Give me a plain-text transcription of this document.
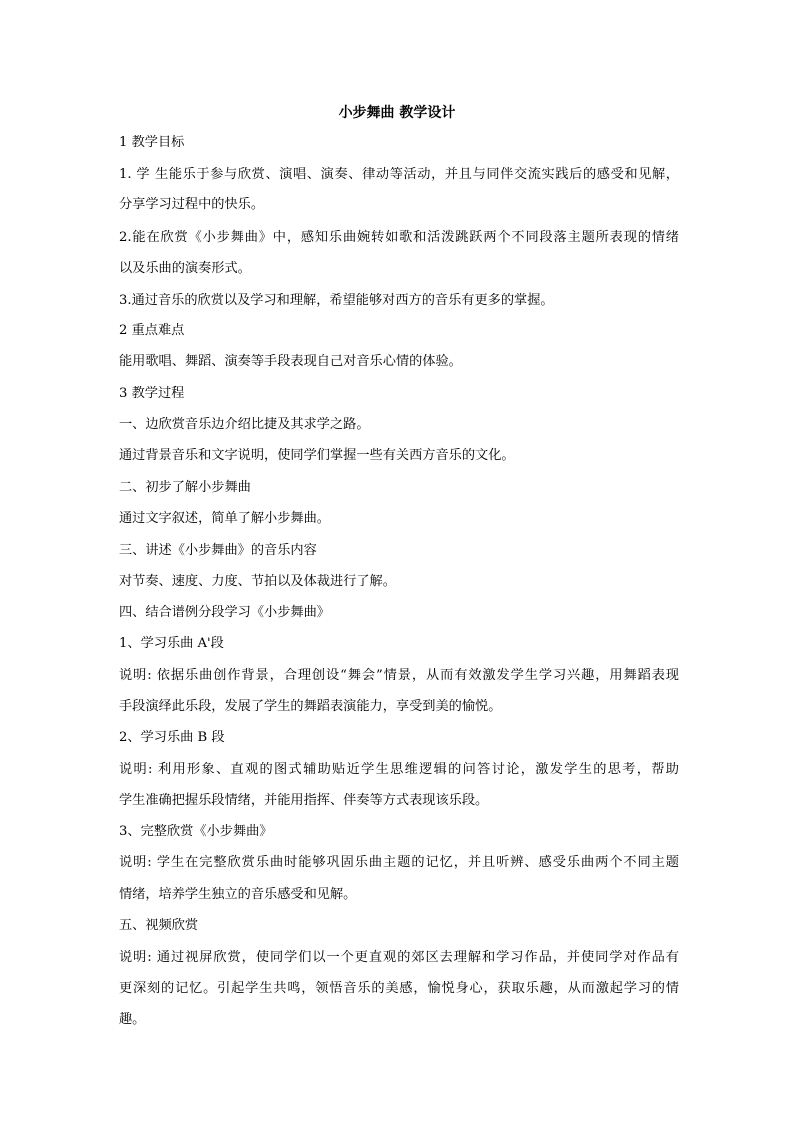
小步舞曲 教学设计
1 教学目标
1. 学 生能乐于参与欣赏、演唱、演奏、律动等活动，并且与同伴交流实践后的感受和见解，
分享学习过程中的快乐。
2.能在欣赏《小步舞曲》中，感知乐曲婉转如歌和活泼跳跃两个不同段落主题所表现的情绪
以及乐曲的演奏形式。
3.通过音乐的欣赏以及学习和理解，希望能够对西方的音乐有更多的掌握。
2 重点难点
能用歌唱、舞蹈、演奏等手段表现自己对音乐心情的体验。
3 教学过程
一、边欣赏音乐边介绍比捷及其求学之路。
通过背景音乐和文字说明，使同学们掌握一些有关西方音乐的文化。
二、初步了解小步舞曲
通过文字叙述，简单了解小步舞曲。
三、讲述《小步舞曲》的音乐内容
对节奏、速度、力度、节拍以及体裁进行了解。
四、结合谱例分段学习《小步舞曲》
1、学习乐曲 A'段
说明: 依据乐曲创作背景，合理创设“舞会”情景，从而有效激发学生学习兴趣，用舞蹈表现
手段演绎此乐段，发展了学生的舞蹈表演能力，享受到美的愉悦。
2、学习乐曲 B 段
说明: 利用形象、直观的图式辅助贴近学生思维逻辑的问答讨论，激发学生的思考，帮助
学生准确把握乐段情绪，并能用指挥、伴奏等方式表现该乐段。
3、完整欣赏《小步舞曲》
说明: 学生在完整欣赏乐曲时能够巩固乐曲主题的记忆，并且听辨、感受乐曲两个不同主题
情绪，培养学生独立的音乐感受和见解。
五、视频欣赏
说明: 通过视屏欣赏，使同学们以一个更直观的郊区去理解和学习作品，并使同学对作品有
更深刻的记忆。引起学生共鸣，领悟音乐的美感，愉悦身心，获取乐趣，从而激起学习的情
趣。
